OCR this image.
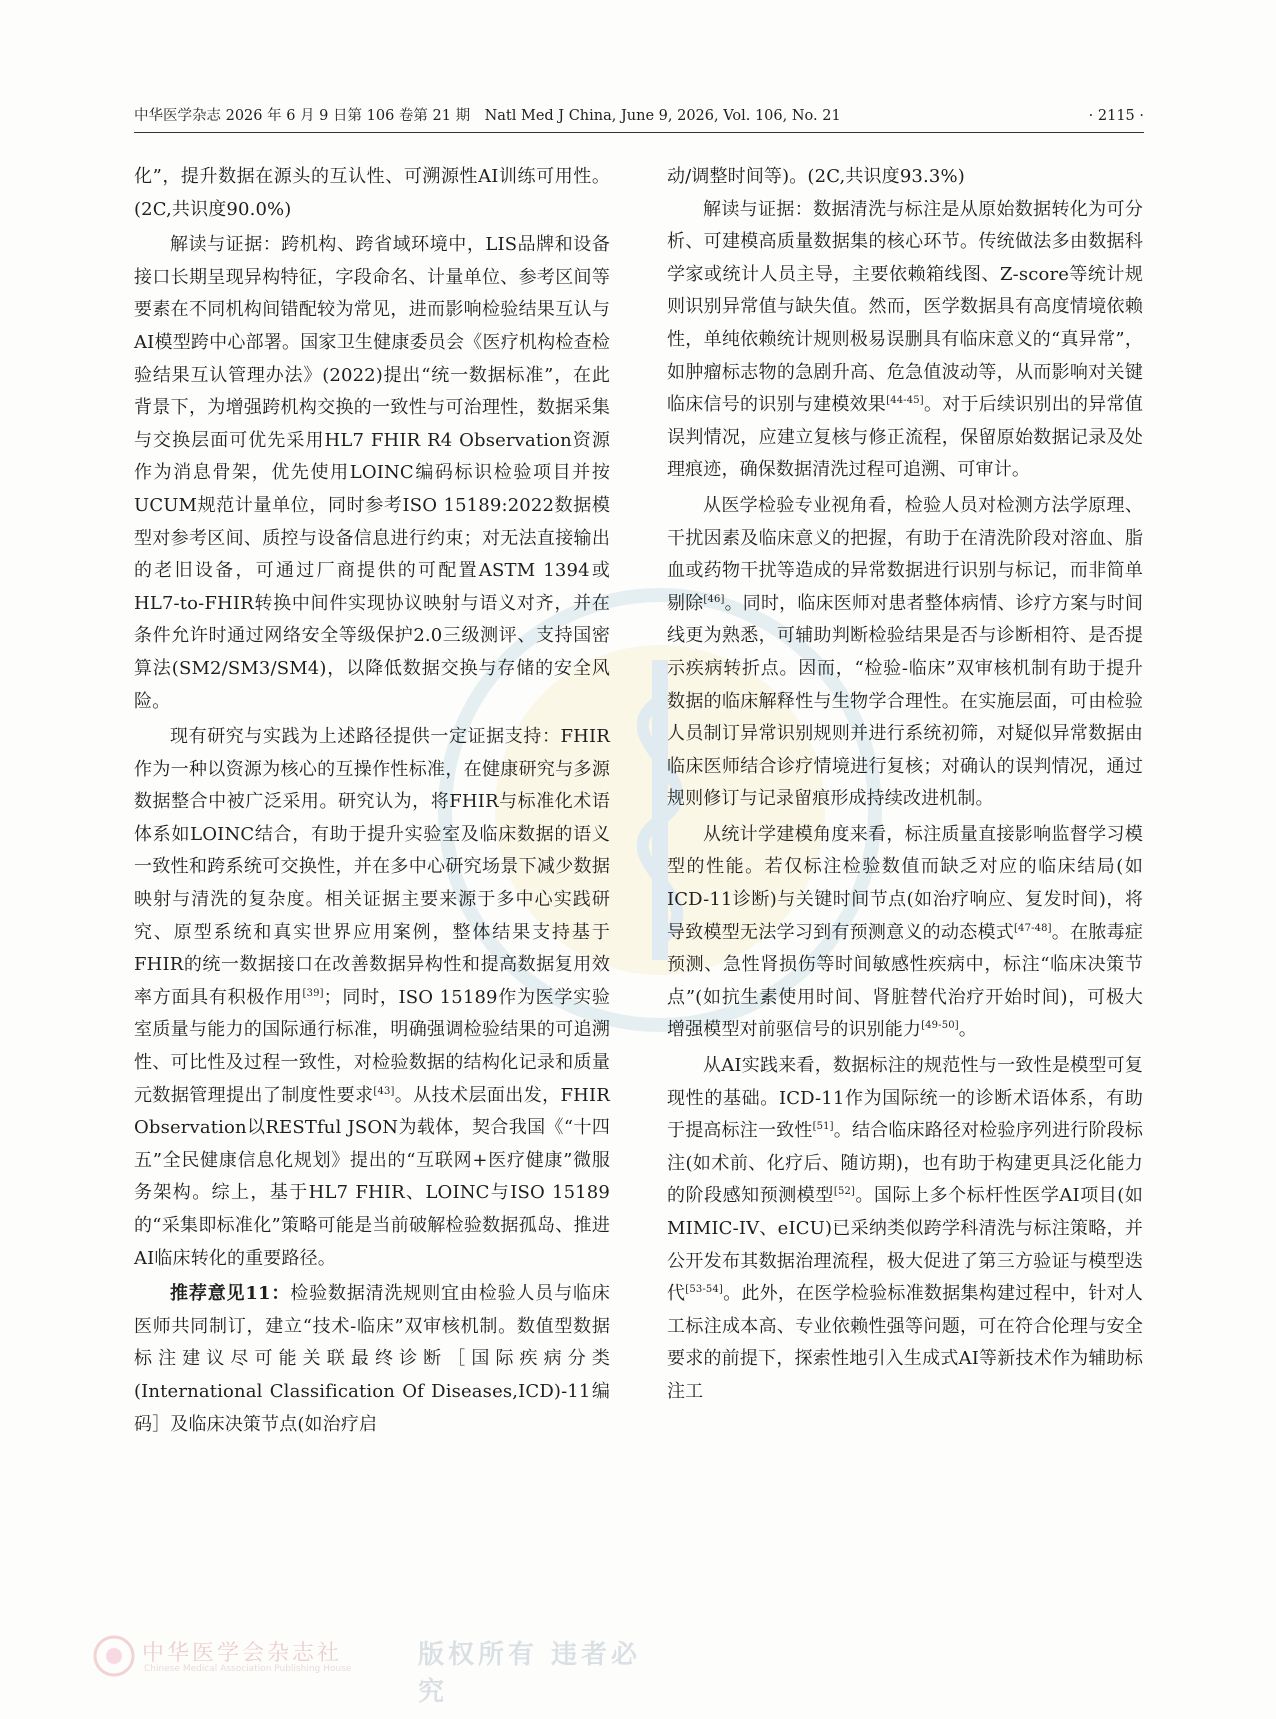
中华医学杂志 2026 年 6 月 9 日第 106 卷第 21 期　Natl Med J China, June 9, 2026, Vol. 106, No. 21	· 2115 ·

化”，提升数据在源头的互认性、可溯源性AI训练可用性。(2C,共识度90.0%)

解读与证据：跨机构、跨省域环境中，LIS品牌和设备接口长期呈现异构特征，字段命名、计量单位、参考区间等要素在不同机构间错配较为常见，进而影响检验结果互认与AI模型跨中心部署。国家卫生健康委员会《医疗机构检查检验结果互认管理办法》(2022)提出“统一数据标准”，在此背景下，为增强跨机构交换的一致性与可治理性，数据采集与交换层面可优先采用HL7 FHIR R4 Observation资源作为消息骨架，优先使用LOINC编码标识检验项目并按UCUM规范计量单位，同时参考ISO 15189:2022数据模型对参考区间、质控与设备信息进行约束；对无法直接输出的老旧设备，可通过厂商提供的可配置ASTM 1394或HL7-to-FHIR转换中间件实现协议映射与语义对齐，并在条件允许时通过网络安全等级保护2.0三级测评、支持国密算法(SM2/SM3/SM4)，以降低数据交换与存储的安全风险。

现有研究与实践为上述路径提供一定证据支持：FHIR作为一种以资源为核心的互操作性标准，在健康研究与多源数据整合中被广泛采用。研究认为，将FHIR与标准化术语体系如LOINC结合，有助于提升实验室及临床数据的语义一致性和跨系统可交换性，并在多中心研究场景下减少数据映射与清洗的复杂度。相关证据主要来源于多中心实践研究、原型系统和真实世界应用案例，整体结果支持基于FHIR的统一数据接口在改善数据异构性和提高数据复用效率方面具有积极作用[39]；同时，ISO 15189作为医学实验室质量与能力的国际通行标准，明确强调检验结果的可追溯性、可比性及过程一致性，对检验数据的结构化记录和质量元数据管理提出了制度性要求[43]。从技术层面出发，FHIR Observation以RESTful JSON为载体，契合我国《“十四五”全民健康信息化规划》提出的“互联网+医疗健康”微服务架构。综上，基于HL7 FHIR、LOINC与ISO 15189的“采集即标准化”策略可能是当前破解检验数据孤岛、推进AI临床转化的重要路径。

推荐意见11：检验数据清洗规则宜由检验人员与临床医师共同制订，建立“技术-临床”双审核机制。数值型数据标注建议尽可能关联最终诊断［国际疾病分类(International Classification Of Diseases,ICD)-11编码］及临床决策节点(如治疗启

动/调整时间等)。(2C,共识度93.3%)

解读与证据：数据清洗与标注是从原始数据转化为可分析、可建模高质量数据集的核心环节。传统做法多由数据科学家或统计人员主导，主要依赖箱线图、Z-score等统计规则识别异常值与缺失值。然而，医学数据具有高度情境依赖性，单纯依赖统计规则极易误删具有临床意义的“真异常”，如肿瘤标志物的急剧升高、危急值波动等，从而影响对关键临床信号的识别与建模效果[44-45]。对于后续识别出的异常值误判情况，应建立复核与修正流程，保留原始数据记录及处理痕迹，确保数据清洗过程可追溯、可审计。

从医学检验专业视角看，检验人员对检测方法学原理、干扰因素及临床意义的把握，有助于在清洗阶段对溶血、脂血或药物干扰等造成的异常数据进行识别与标记，而非简单剔除[46]。同时，临床医师对患者整体病情、诊疗方案与时间线更为熟悉，可辅助判断检验结果是否与诊断相符、是否提示疾病转折点。因而，“检验-临床”双审核机制有助于提升数据的临床解释性与生物学合理性。在实施层面，可由检验人员制订异常识别规则并进行系统初筛，对疑似异常数据由临床医师结合诊疗情境进行复核；对确认的误判情况，通过规则修订与记录留痕形成持续改进机制。

从统计学建模角度来看，标注质量直接影响监督学习模型的性能。若仅标注检验数值而缺乏对应的临床结局(如ICD-11诊断)与关键时间节点(如治疗响应、复发时间)，将导致模型无法学习到有预测意义的动态模式[47-48]。在脓毒症预测、急性肾损伤等时间敏感性疾病中，标注“临床决策节点”(如抗生素使用时间、肾脏替代治疗开始时间)，可极大增强模型对前驱信号的识别能力[49-50]。

从AI实践来看，数据标注的规范性与一致性是模型可复现性的基础。ICD-11作为国际统一的诊断术语体系，有助于提高标注一致性[51]。结合临床路径对检验序列进行阶段标注(如术前、化疗后、随访期)，也有助于构建更具泛化能力的阶段感知预测模型[52]。国际上多个标杆性医学AI项目(如MIMIC-IV、eICU)已采纳类似跨学科清洗与标注策略，并公开发布其数据治理流程，极大促进了第三方验证与模型迭代[53-54]。此外，在医学检验标准数据集构建过程中，针对人工标注成本高、专业依赖性强等问题，可在符合伦理与安全要求的前提下，探索性地引入生成式AI等新技术作为辅助标注工

中华医学会杂志社
Chinese Medical Association Publishing House	版权所有 违者必究
